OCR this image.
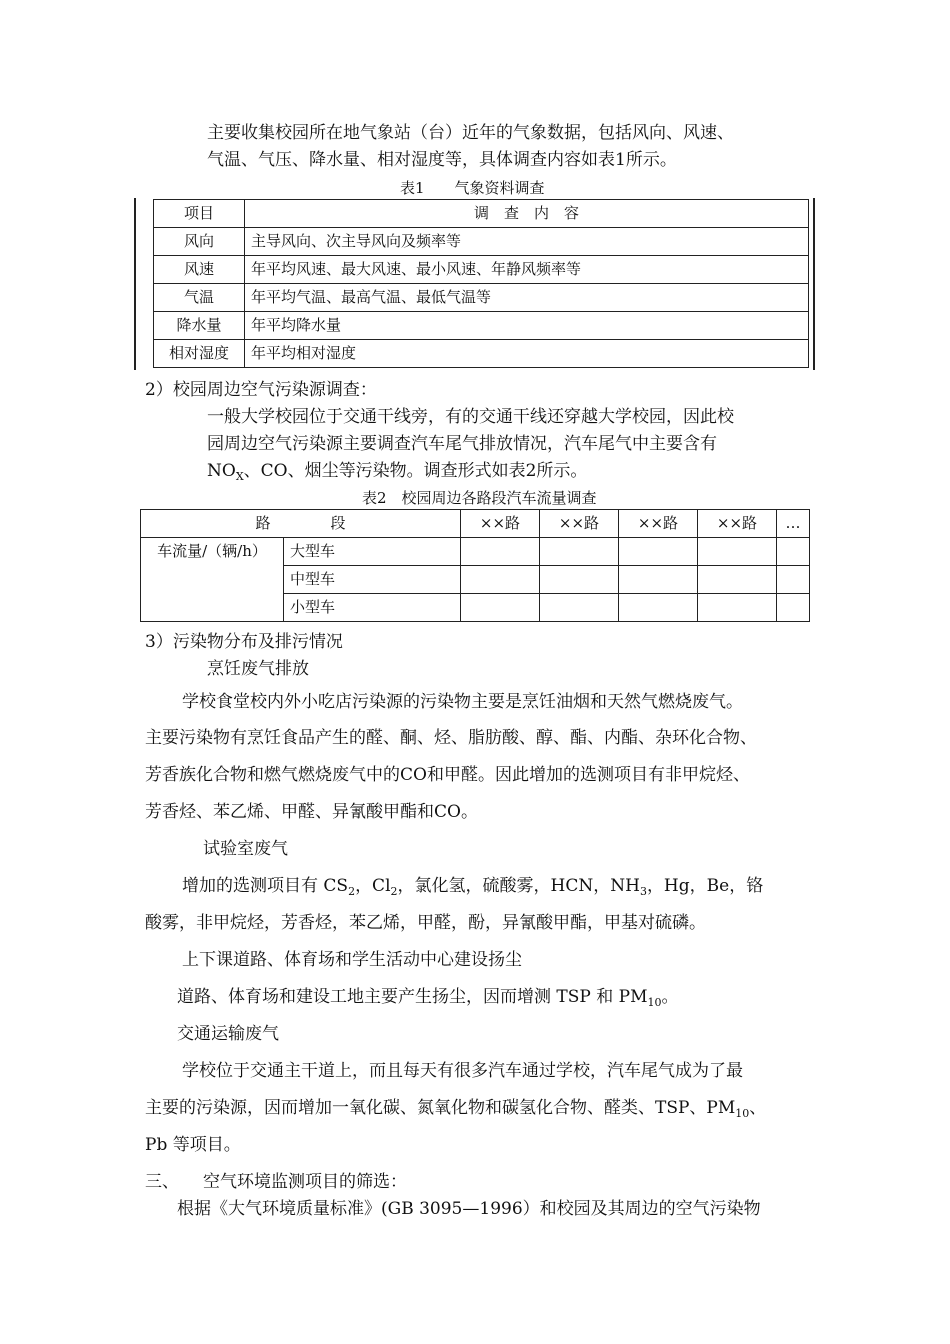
主要收集校园所在地气象站（台）近年的气象数据，包括风向、风速、
气温、气压、降水量、相对湿度等，具体调查内容如表1所示。
表1　　气象资料调查
项目	调　查　内　容
风向	主导风向、次主导风向及频率等
风速	年平均风速、最大风速、最小风速、年静风频率等
气温	年平均气温、最高气温、最低气温等
降水量	年平均降水量
相对湿度	年平均相对湿度
2）校园周边空气污染源调查：
一般大学校园位于交通干线旁，有的交通干线还穿越大学校园，因此校
园周边空气污染源主要调查汽车尾气排放情况，汽车尾气中主要含有
$NO_X$、CO、烟尘等污染物。调查形式如表2所示。
表2　校园周边各路段汽车流量调查
路　　　　段		××路	××路	××路	××路	…
车流量/（辆/h）	大型车					
	中型车					
	小型车					
3）污染物分布及排污情况
烹饪废气排放
学校食堂校内外小吃店污染源的污染物主要是烹饪油烟和天然气燃烧废气。
主要污染物有烹饪食品产生的醛、酮、烃、脂肪酸、醇、酯、内酯、杂环化合物、
芳香族化合物和燃气燃烧废气中的CO和甲醛。因此增加的选测项目有非甲烷烃、
芳香烃、苯乙烯、甲醛、异氰酸甲酯和CO。
试验室废气
增加的选测项目有 $CS_2$，$Cl_2$，氯化氢，硫酸雾，HCN，$NH_3$，Hg，Be，铬
酸雾，非甲烷烃，芳香烃，苯乙烯，甲醛，酚，异氰酸甲酯，甲基对硫磷。
上下课道路、体育场和学生活动中心建设扬尘
道路、体育场和建设工地主要产生扬尘，因而增测 TSP 和 $PM_{10}$。
交通运输废气
学校位于交通主干道上，而且每天有很多汽车通过学校，汽车尾气成为了最
主要的污染源，因而增加一氧化碳、氮氧化物和碳氢化合物、醛类、TSP、$PM_{10}$、
Pb 等项目。
三、 空气环境监测项目的筛选：
根据《大气环境质量标准》(GB 3095—1996）和校园及其周边的空气污染物
